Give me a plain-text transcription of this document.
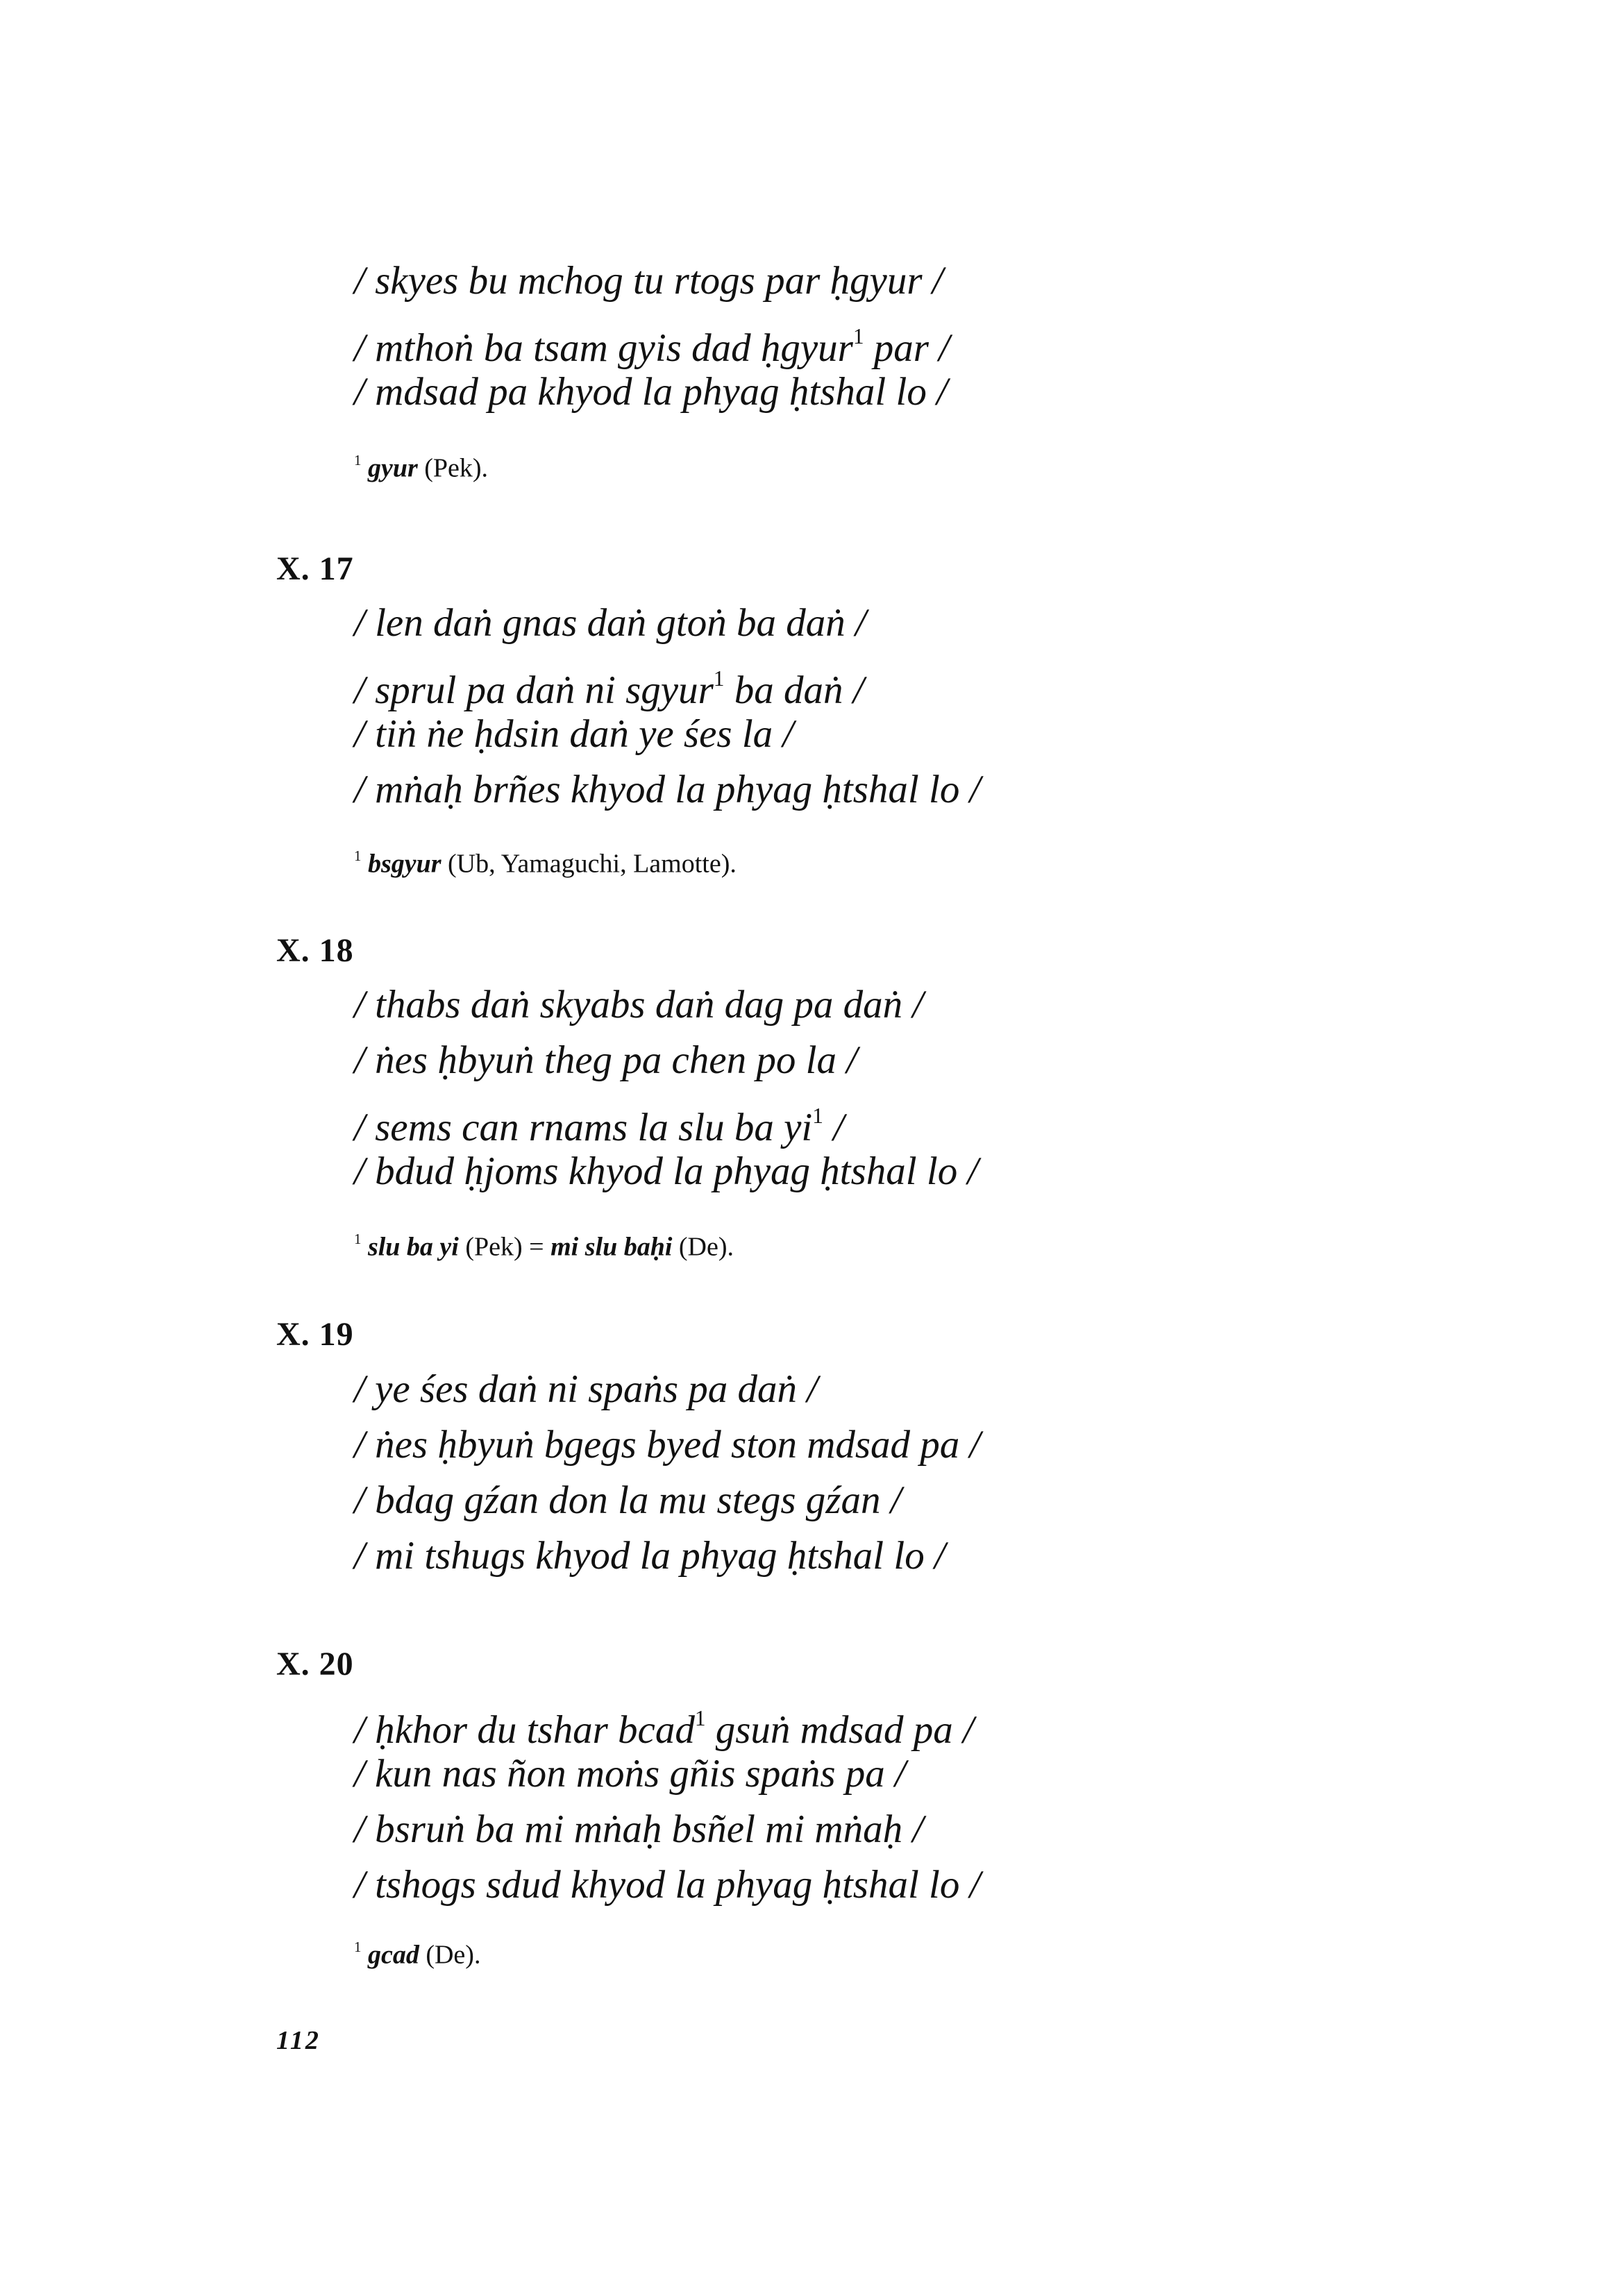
/ skyes bu mchog tu rtogs par ḥgyur /
/ mthoṅ ba tsam gyis dad ḥgyur$^1$ par /
/ mdsad pa khyod la phyag ḥtshal lo /
$^1$ gyur (Pek).
X. 17
/ len daṅ gnas daṅ gtoṅ ba daṅ /
/ sprul pa daṅ ni sgyur$^1$ ba daṅ /
/ tiṅ ṅe ḥdsin daṅ ye śes la /
/ mṅaḥ brñes khyod la phyag ḥtshal lo /
$^1$ bsgyur (Ub, Yamaguchi, Lamotte).
X. 18
/ thabs daṅ skyabs daṅ dag pa daṅ /
/ ṅes ḥbyuṅ theg pa chen po la /
/ sems can rnams la slu ba $yi^1$ /
/ bdud ḥjoms khyod la phyag ḥtshal lo /
$^1$ slu ba yi (Pek) = mi slu baḥi (De).
X. 19
/ ye śes daṅ ni spaṅs pa daṅ /
/ ṅes ḥbyuṅ bgegs byed ston mdsad pa /
/ bdag gźan don la mu stegs gźan /
/ mi tshugs khyod la phyag ḥtshal lo /
X. 20
/ ḥkhor du tshar bcad$^1$ gsuṅ mdsad pa /
/ kun nas ñon moṅs gñis spaṅs pa /
/ bsruṅ ba mi mṅaḥ bsñel mi mṅaḥ /
/ tshogs sdud khyod la phyag ḥtshal lo /
$^1$ gcad (De).
112
